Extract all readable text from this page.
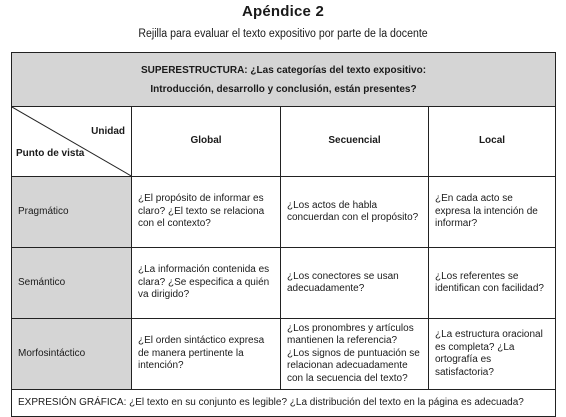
Apéndice 2
Rejilla para evaluar el texto expositivo por parte de la docente
SUPERESTRUCTURA: ¿Las categorías del texto expositivo:
Introducción, desarrollo y conclusión, están presentes?			

Unidad
Punto de vista	Global	Secuencial	Local
Pragmático	¿El propósito de informar es claro? ¿El texto se relaciona con el contexto?	¿Los actos de habla concuerdan con el propósito?	¿En cada acto se expresa la intención de informar?
Semántico	¿La información contenida es clara? ¿Se especifica a quién va dirigido?	¿Los conectores se usan adecuadamente?	¿Los referentes se identifican con facilidad?
Morfosintáctico	¿El orden sintáctico expresa de manera pertinente la intención?	¿Los pronombres y artículos mantienen la referencia? ¿Los signos de puntuación se relacionan adecuadamente con la secuencia del texto?	¿La estructura oracional es completa? ¿La ortografía es satisfactoria?
EXPRESIÓN GRÁFICA: ¿El texto en su conjunto es legible? ¿La distribución del texto en la página es adecuada?			
